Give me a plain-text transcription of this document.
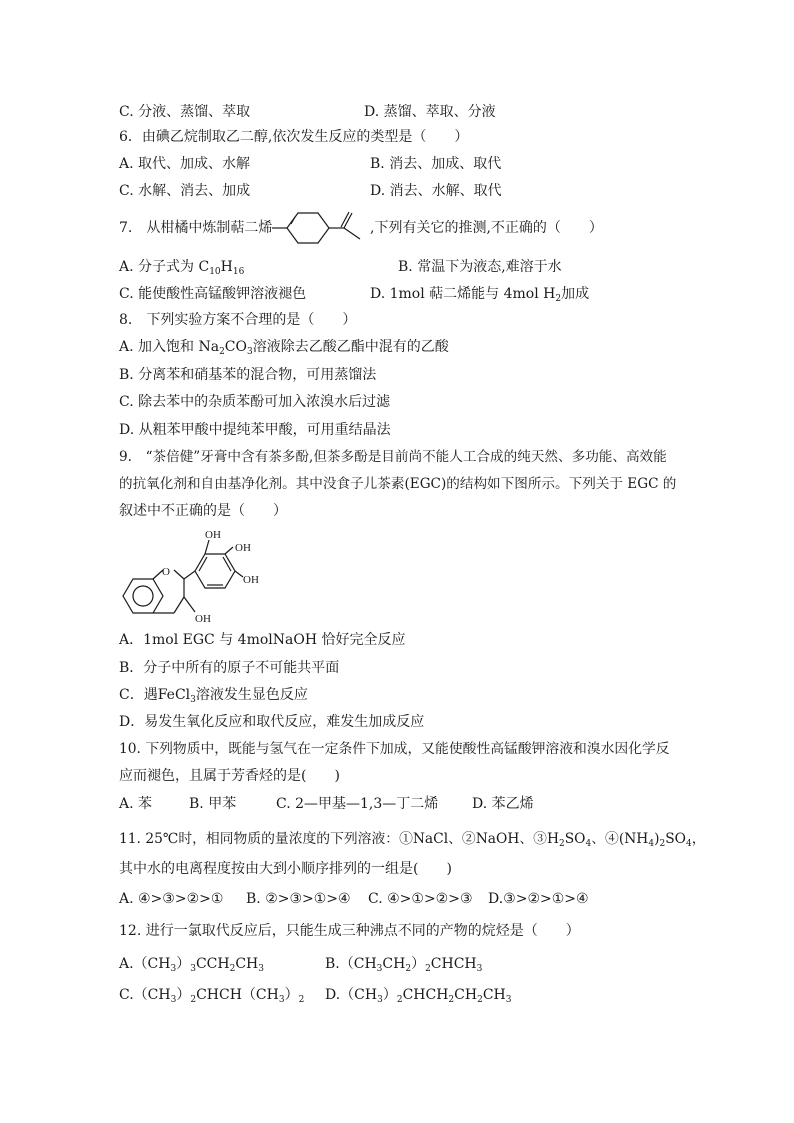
C. 分液、蒸馏、萃取	D. 蒸馏、萃取、分液
6．由碘乙烷制取乙二醇,依次发生反应的类型是（　　）
A. 取代、加成、水解	B. 消去、加成、取代
C. 水解、消去、加成	D. 消去、水解、取代
7.　从柑橘中炼制萜二烯	,下列有关它的推测,不正确的（　　）
A. 分子式为 $C_{10}H_{16}$	B. 常温下为液态,难溶于水
C. 能使酸性高锰酸钾溶液褪色	D. 1mol 萜二烯能与 4mol $H_2$加成
8.　下列实验方案不合理的是（　　）
A. 加入饱和 $Na_2CO_3$溶液除去乙酸乙酯中混有的乙酸
B. 分离苯和硝基苯的混合物，可用蒸馏法
C. 除去苯中的杂质苯酚可加入浓溴水后过滤
D. 从粗苯甲酸中提纯苯甲酸，可用重结晶法
9.　“茶倍健”牙膏中含有茶多酚,但茶多酚是目前尚不能人工合成的纯天然、多功能、高效能
的抗氧化剂和自由基净化剂。其中没食子儿茶素(EGC)的结构如下图所示。下列关于 EGC 的
叙述中不正确的是（　　）
O
OH
OH
OH
OH
A．1mol EGC 与 4molNaOH 恰好完全反应
B．分子中所有的原子不可能共平面
C．遇FeCl$_3$溶液发生显色反应
D．易发生氧化反应和取代反应，难发生加成反应
10. 下列物质中，既能与氢气在一定条件下加成，又能使酸性高锰酸钾溶液和溴水因化学反
应而褪色，且属于芳香烃的是(　　)
A. 苯	B. 甲苯	C. 2—甲基—1,3—丁二烯 D. 苯乙烯
11. 25℃时，相同物质的量浓度的下列溶液：①NaCl、②NaOH、$③H_2SO_4$、$④(NH_4)_2SO_4$，
其中水的电离程度按由大到小顺序排列的一组是(　　)
A. ④>③>②>① B. ②>③>①>④ C. ④>①>②>③ D.③>②>①>④
12. 进行一氯取代反应后，只能生成三种沸点不同的产物的烷烃是（　　）
$A.(CH_3)_3CCH_2CH_3$	$B.(CH_3CH_2)_2CHCH_3$
$C.(CH_3)_2CHCH(CH_3)_2$ $D.(CH_3)_2CHCH_2CH_2CH_3$
